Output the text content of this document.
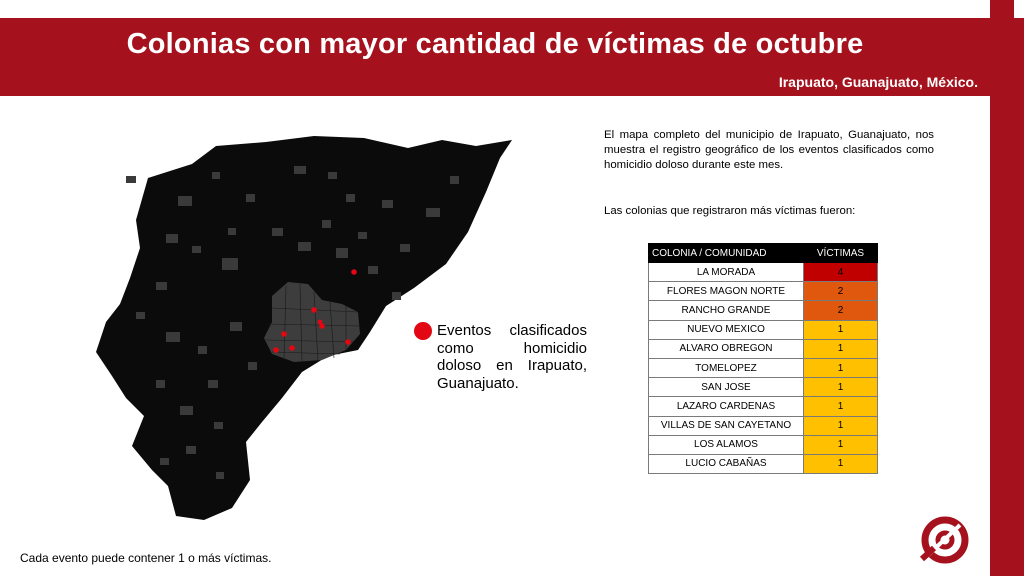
Colonias con mayor cantidad de víctimas de octubre
Irapuato, Guanajuato, México.
Eventos clasificados como homicidio doloso en Irapuato, Guanajuato.
El mapa completo del municipio de Irapuato, Guanajuato, nos muestra el registro geográfico de los eventos clasificados como homicidio doloso durante este mes.
Las colonias que registraron más víctimas fueron:
COLONIA / COMUNIDAD	VÍCTIMAS
LA MORADA	4
FLORES MAGON NORTE	2
RANCHO GRANDE	2
NUEVO MEXICO	1
ALVARO OBREGON	1
TOMELOPEZ	1
SAN JOSE	1
LAZARO CARDENAS	1
VILLAS DE SAN CAYETANO	1
LOS ALAMOS	1
LUCIO CABAÑAS	1
Cada evento puede contener 1 o más víctimas.
